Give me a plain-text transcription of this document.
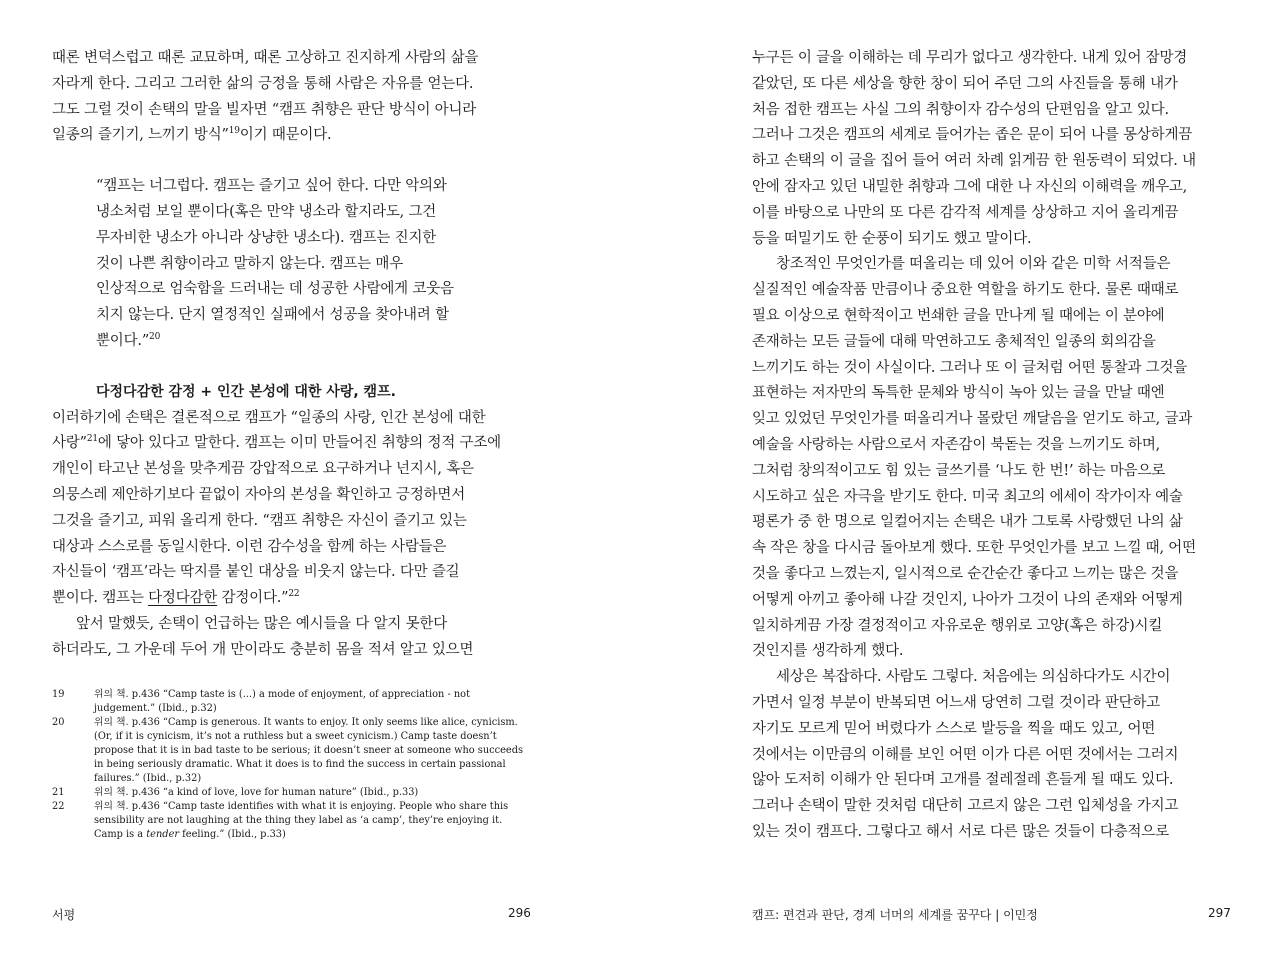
때론 변덕스럽고 때론 교묘하며, 때론 고상하고 진지하게 사람의 삶을
자라게 한다. 그리고 그러한 삶의 긍정을 통해 사람은 자유를 얻는다.
그도 그럴 것이 손택의 말을 빌자면 “캠프 취향은 판단 방식이 아니라
일종의 즐기기, 느끼기 방식”$^{19}$이기 때문이다.
“캠프는 너그럽다. 캠프는 즐기고 싶어 한다. 다만 악의와
냉소처럼 보일 뿐이다(혹은 만약 냉소라 할지라도, 그건
무자비한 냉소가 아니라 상냥한 냉소다). 캠프는 진지한
것이 나쁜 취향이라고 말하지 않는다. 캠프는 매우
인상적으로 엄숙함을 드러내는 데 성공한 사람에게 코웃음
치지 않는다. 단지 열정적인 실패에서 성공을 찾아내려 할
뿐이다.”$^{20}$
다정다감한 감정 + 인간 본성에 대한 사랑, 캠프.
이러하기에 손택은 결론적으로 캠프가 “일종의 사랑, 인간 본성에 대한
사랑”$^{21}$에 닿아 있다고 말한다. 캠프는 이미 만들어진 취향의 정적 구조에
개인이 타고난 본성을 맞추게끔 강압적으로 요구하거나 넌지시, 혹은
의뭉스레 제안하기보다 끝없이 자아의 본성을 확인하고 긍정하면서
그것을 즐기고, 피워 올리게 한다. “캠프 취향은 자신이 즐기고 있는
대상과 스스로를 동일시한다. 이런 감수성을 함께 하는 사람들은
자신들이 ‘캠프’라는 딱지를 붙인 대상을 비웃지 않는다. 다만 즐길
뿐이다. 캠프는 다정다감한 감정이다.”$^{22}$
앞서 말했듯, 손택이 언급하는 많은 예시들을 다 알지 못한다
하더라도, 그 가운데 두어 개 만이라도 충분히 몸을 적셔 알고 있으면
19	위의 책. p.436 “Camp taste is (...) a mode of enjoyment, of appreciation - not judgement.” (Ibid., p.32)
20	위의 책. p.436 “Camp is generous. It wants to enjoy. It only seems like alice, cynicism. (Or, if it is cynicism, it’s not a ruthless but a sweet cynicism.) Camp taste doesn’t propose that it is in bad taste to be serious; it doesn’t sneer at someone who succeeds in being seriously dramatic. What it does is to find the success in certain passional failures.” (Ibid., p.32)
21	위의 책. p.436 “a kind of love, love for human nature” (Ibid., p.33)
22	위의 책. p.436 “Camp taste identifies with what it is enjoying. People who share this sensibility are not laughing at the thing they label as ‘a camp’, they’re enjoying it. Camp is a tender feeling.” (Ibid., p.33)
서평	296
누구든 이 글을 이해하는 데 무리가 없다고 생각한다. 내게 있어 잠망경
같았던, 또 다른 세상을 향한 창이 되어 주던 그의 사진들을 통해 내가
처음 접한 캠프는 사실 그의 취향이자 감수성의 단편임을 알고 있다.
그러나 그것은 캠프의 세계로 들어가는 좁은 문이 되어 나를 몽상하게끔
하고 손택의 이 글을 집어 들어 여러 차례 읽게끔 한 원동력이 되었다. 내
안에 잠자고 있던 내밀한 취향과 그에 대한 나 자신의 이해력을 깨우고,
이를 바탕으로 나만의 또 다른 감각적 세계를 상상하고 지어 올리게끔
등을 떠밀기도 한 순풍이 되기도 했고 말이다.
창조적인 무엇인가를 떠올리는 데 있어 이와 같은 미학 서적들은
실질적인 예술작품 만큼이나 중요한 역할을 하기도 한다. 물론 때때로
필요 이상으로 현학적이고 번쇄한 글을 만나게 될 때에는 이 분야에
존재하는 모든 글들에 대해 막연하고도 총체적인 일종의 회의감을
느끼기도 하는 것이 사실이다. 그러나 또 이 글처럼 어떤 통찰과 그것을
표현하는 저자만의 독특한 문체와 방식이 녹아 있는 글을 만날 때엔
잊고 있었던 무엇인가를 떠올리거나 몰랐던 깨달음을 얻기도 하고, 글과
예술을 사랑하는 사람으로서 자존감이 북돋는 것을 느끼기도 하며,
그처럼 창의적이고도 힘 있는 글쓰기를 ‘나도 한 번!’ 하는 마음으로
시도하고 싶은 자극을 받기도 한다. 미국 최고의 에세이 작가이자 예술
평론가 중 한 명으로 일컬어지는 손택은 내가 그토록 사랑했던 나의 삶
속 작은 창을 다시금 돌아보게 했다. 또한 무엇인가를 보고 느낄 때, 어떤
것을 좋다고 느꼈는지, 일시적으로 순간순간 좋다고 느끼는 많은 것을
어떻게 아끼고 좋아해 나갈 것인지, 나아가 그것이 나의 존재와 어떻게
일치하게끔 가장 결정적이고 자유로운 행위로 고양(혹은 하강)시킬
것인지를 생각하게 했다.
세상은 복잡하다. 사람도 그렇다. 처음에는 의심하다가도 시간이
가면서 일정 부분이 반복되면 어느새 당연히 그럴 것이라 판단하고
자기도 모르게 믿어 버렸다가 스스로 발등을 찍을 때도 있고, 어떤
것에서는 이만큼의 이해를 보인 어떤 이가 다른 어떤 것에서는 그러지
않아 도저히 이해가 안 된다며 고개를 절레절레 흔들게 될 때도 있다.
그러나 손택이 말한 것처럼 대단히 고르지 않은 그런 입체성을 가지고
있는 것이 캠프다. 그렇다고 해서 서로 다른 많은 것들이 다층적으로
캠프: 편견과 판단, 경계 너머의 세계를 꿈꾸다 | 이민정	297
